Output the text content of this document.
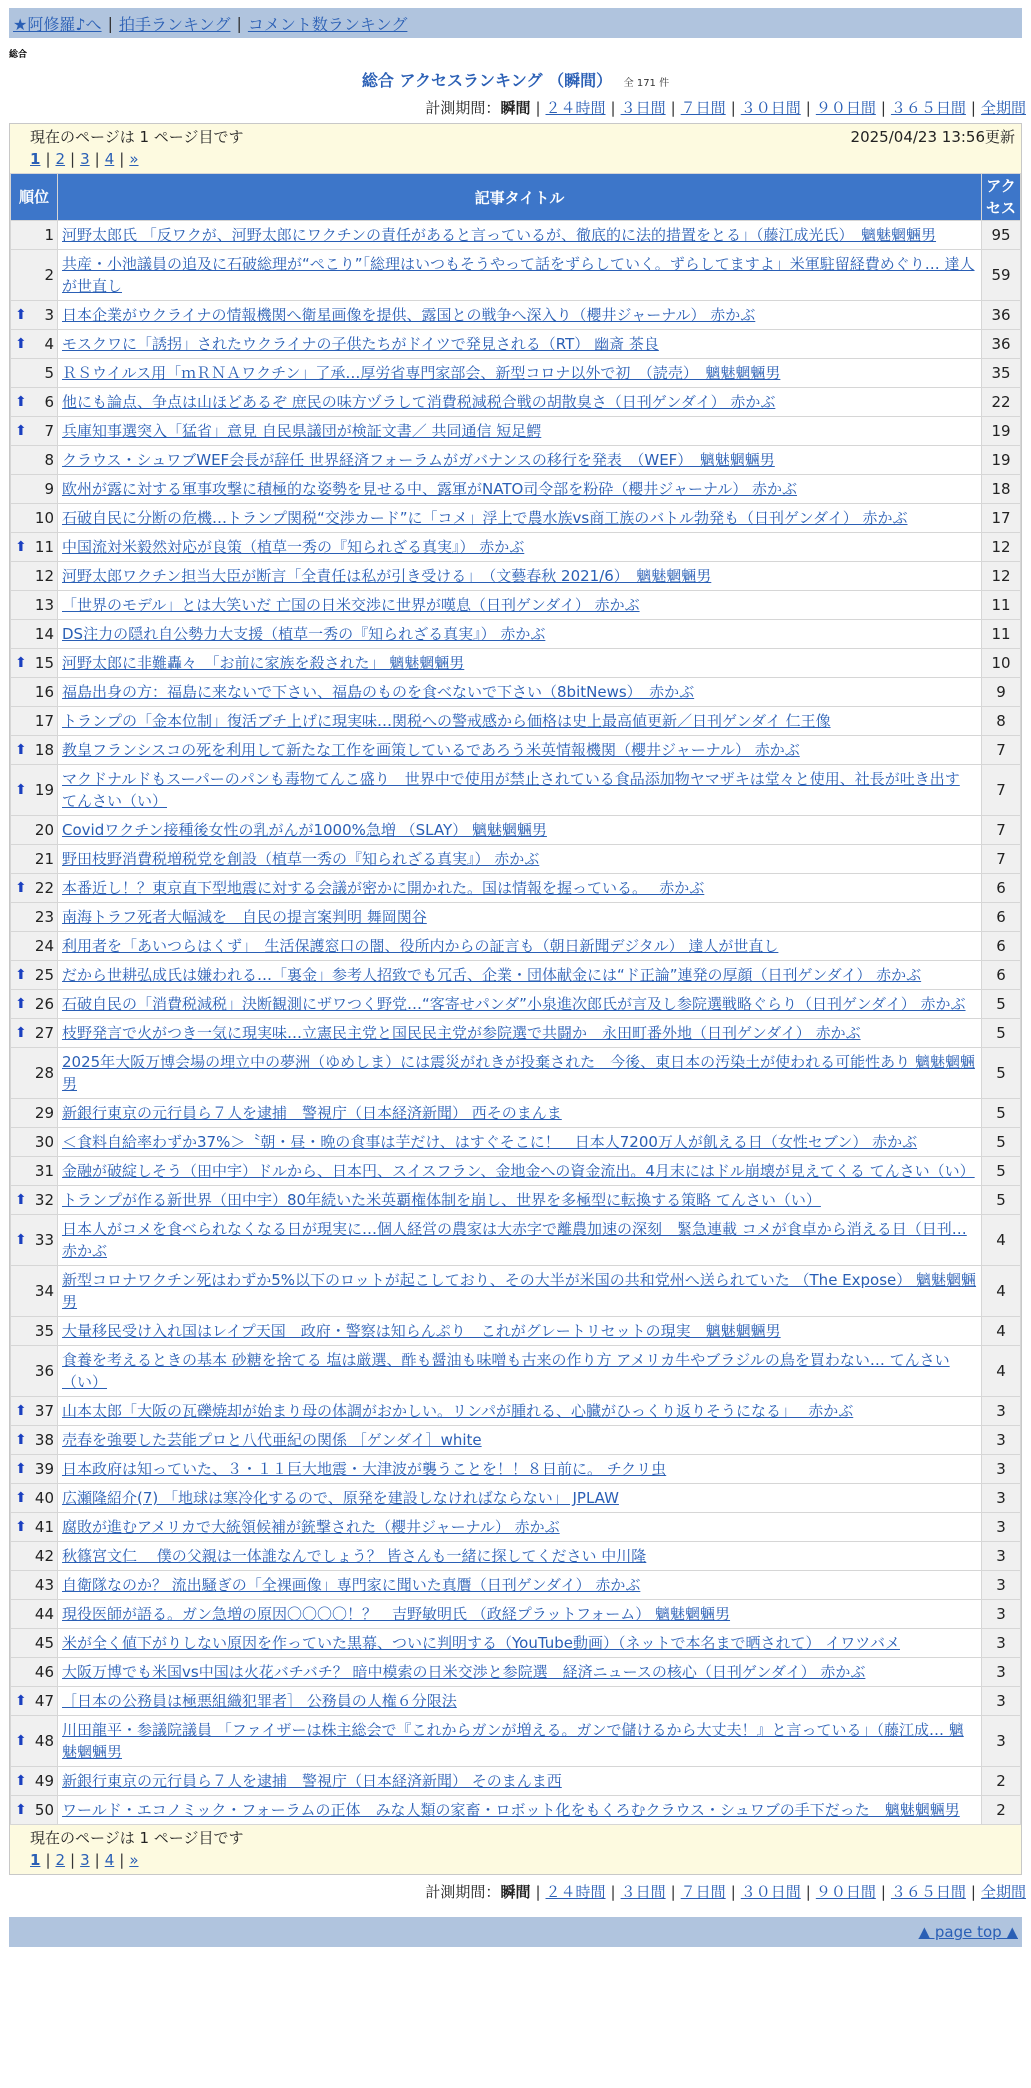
★阿修羅♪へ | 拍手ランキング | コメント数ランキング
総合
総合 アクセスランキング （瞬間） 全 171 件
計測期間：瞬間 | ２４時間 | ３日間 | ７日間 | ３０日間 | ９０日間 | ３６５日間 | 全期間
現在のページは 1 ページ目です	2025/04/23 13:56更新
1 | 2 | 3 | 4 | »
順位	記事タイトル	アクセス
1	河野太郎氏 「反ワクが、河野太郎にワクチンの責任があると言っているが、徹底的に法的措置をとる」（藤江成光氏）　魑魅魍魎男	95
2	共産・小池議員の追及に石破総理が“ぺこり”「総理はいつもそうやって話をずらしていく。ずらしてますよ」米軍駐留経費めぐり… 達人が世直し	59

⬆ 3	日本企業がウクライナの情報機関へ衛星画像を提供、露国との戦争へ深入り（櫻井ジャーナル） 赤かぶ	36

⬆ 4	モスクワに「誘拐」されたウクライナの子供たちがドイツで発見される（RT） 幽斎 茶良	36
5	ＲＳウイルス用「ｍＲＮＡワクチン」了承…厚労省専門家部会、新型コロナ以外で初　（読売）　魑魅魍魎男	35

⬆ 6	他にも論点、争点は山ほどあるぞ 庶民の味方ヅラして消費税減税合戦の胡散臭さ（日刊ゲンダイ） 赤かぶ	22

⬆ 7	兵庫知事選突入「猛省」意見 自民県議団が検証文書／ 共同通信 短足鰐	19
8	クラウス・シュワブWEF会長が辞任 世界経済フォーラムがガバナンスの移行を発表　（WEF）　魑魅魍魎男	19
9	欧州が露に対する軍事攻撃に積極的な姿勢を見せる中、露軍がNATO司令部を粉砕（櫻井ジャーナル） 赤かぶ	18
10	石破自民に分断の危機…トランプ関税“交渉カード”に「コメ」浮上で農水族vs商工族のバトル勃発も（日刊ゲンダイ） 赤かぶ	17

⬆ 11	中国流対米毅然対応が良策（植草一秀の『知られざる真実』） 赤かぶ	12
12	河野太郎ワクチン担当大臣が断言「全責任は私が引き受ける」　（文藝春秋 2021/6）　魑魅魍魎男	12
13	「世界のモデル」とは大笑いだ 亡国の日米交渉に世界が嘆息（日刊ゲンダイ） 赤かぶ	11
14	DS注力の隠れ自公勢力大支援（植草一秀の『知られざる真実』） 赤かぶ	11

⬆ 15	河野太郎に非難轟々　「お前に家族を殺された」 魑魅魍魎男	10
16	福島出身の方：福島に来ないで下さい、福島のものを食べないで下さい（8bitNews）　赤かぶ	9
17	トランプの「金本位制」復活ブチ上げに現実味…関税への警戒感から価格は史上最高値更新／日刊ゲンダイ 仁王像	8

⬆ 18	教皇フランシスコの死を利用して新たな工作を画策しているであろう米英情報機関（櫻井ジャーナル） 赤かぶ	7

⬆ 19	マクドナルドもスーパーのパンも毒物てんこ盛り　世界中で使用が禁止されている食品添加物ヤマザキは堂々と使用、社長が吐き出す てんさい（い）	7
20	Covidワクチン接種後女性の乳がんが1000%急増 （SLAY） 魑魅魍魎男	7
21	野田枝野消費税増税党を創設（植草一秀の『知られざる真実』） 赤かぶ	7

⬆ 22	本番近し！？東京直下型地震に対する会議が密かに開かれた。国は情報を握っている。　 赤かぶ	6
23	南海トラフ死者大幅減を　自民の提言案判明 舞岡関谷	6
24	利用者を「あいつらはくず」　生活保護窓口の闇、役所内からの証言も（朝日新聞デジタル） 達人が世直し	6

⬆ 25	だから世耕弘成氏は嫌われる…「裏金」参考人招致でも冗舌、企業・団体献金には“ド正論”連発の厚顔（日刊ゲンダイ） 赤かぶ	6

⬆ 26	石破自民の「消費税減税」決断観測にザワつく野党…“客寄せパンダ”小泉進次郎氏が言及し参院選戦略ぐらり（日刊ゲンダイ） 赤かぶ	5

⬆ 27	枝野発言で火がつき一気に現実味…立憲民主党と国民民主党が参院選で共闘か　永田町番外地（日刊ゲンダイ） 赤かぶ	5
28	2025年大阪万博会場の埋立中の夢洲（ゆめしま）には震災がれきが投棄された　今後、東日本の汚染土が使われる可能性あり 魑魅魍魎男	5
29	新銀行東京の元行員ら７人を逮捕　警視庁（日本経済新聞） 西そのまんま	5
30	＜食料自給率わずか37%＞〝朝・昼・晩の食事は芋だけ、はすぐそこに！　日本人7200万人が飢える日（女性セブン） 赤かぶ	5
31	金融が破綻しそう（田中宇）ドルから、日本円、スイスフラン、金地金への資金流出。4月末にはドル崩壊が見えてくる てんさい（い）	5

⬆ 32	トランプが作る新世界（田中宇）80年続いた米英覇権体制を崩し、世界を多極型に転換する策略 てんさい（い）	5

⬆ 33	日本人がコメを食べられなくなる日が現実に…個人経営の農家は大赤字で離農加速の深刻　緊急連載 コメが食卓から消える日（日刊… 赤かぶ	4
34	新型コロナワクチン死はわずか5%以下のロットが起こしており、その大半が米国の共和党州へ送られていた （The Expose） 魑魅魍魎男	4
35	大量移民受け入れ国はレイプ天国　政府・警察は知らんぷり　これがグレートリセットの現実　魑魅魍魎男	4
36	食養を考えるときの基本 砂糖を捨てる 塩は厳選、酢も醤油も味噌も古来の作り方 アメリカ牛やブラジルの鳥を買わない… てんさい（い）	4

⬆ 37	山本太郎「大阪の瓦礫焼却が始まり母の体調がおかしい。リンパが腫れる、心臓がひっくり返りそうになる」　 赤かぶ	3

⬆ 38	売春を強要した芸能プロと八代亜紀の関係 ［ゲンダイ］white	3

⬆ 39	日本政府は知っていた、３・１１巨大地震・大津波が襲うことを！！８日前に。 チクリ虫	3

⬆ 40	広瀬隆紹介(7) 「地球は寒冷化するので、原発を建設しなければならない」 JPLAW	3

⬆ 41	腐敗が進むアメリカで大統領候補が銃撃された（櫻井ジャーナル） 赤かぶ	3
42	秋篠宮文仁　 僕の父親は一体誰なんでしょう？ 皆さんも一緒に探してください 中川隆	3
43	自衛隊なのか？ 流出騒ぎの「全裸画像」専門家に聞いた真贋（日刊ゲンダイ） 赤かぶ	3
44	現役医師が語る。ガン急増の原因〇〇〇〇！？　吉野敏明氏 （政経プラットフォーム） 魑魅魍魎男	3
45	米が全く値下がりしない原因を作っていた黒幕、ついに判明する（YouTube動画）（ネットで本名まで晒されて） イワツバメ	3
46	大阪万博でも米国vs中国は火花バチバチ？ 暗中模索の日米交渉と参院選　経済ニュースの核心（日刊ゲンダイ） 赤かぶ	3

⬆ 47	［日本の公務員は極悪組織犯罪者］ 公務員の人権６分限法	3

⬆ 48	川田龍平・参議院議員 「ファイザーは株主総会で『これからガンが増える。ガンで儲けるから大丈夫！』と言っている」（藤江成… 魑魅魍魎男	3

⬆ 49	新銀行東京の元行員ら７人を逮捕　警視庁（日本経済新聞） そのまんま西	2

⬆ 50	ワールド・エコノミック・フォーラムの正体　みな人類の家畜・ロボット化をもくろむクラウス・シュワブの手下だった　魑魅魍魎男	2
現在のページは 1 ページ目です
1 | 2 | 3 | 4 | »
計測期間：瞬間 | ２４時間 | ３日間 | ７日間 | ３０日間 | ９０日間 | ３６５日間 | 全期間
▲ page top ▲
